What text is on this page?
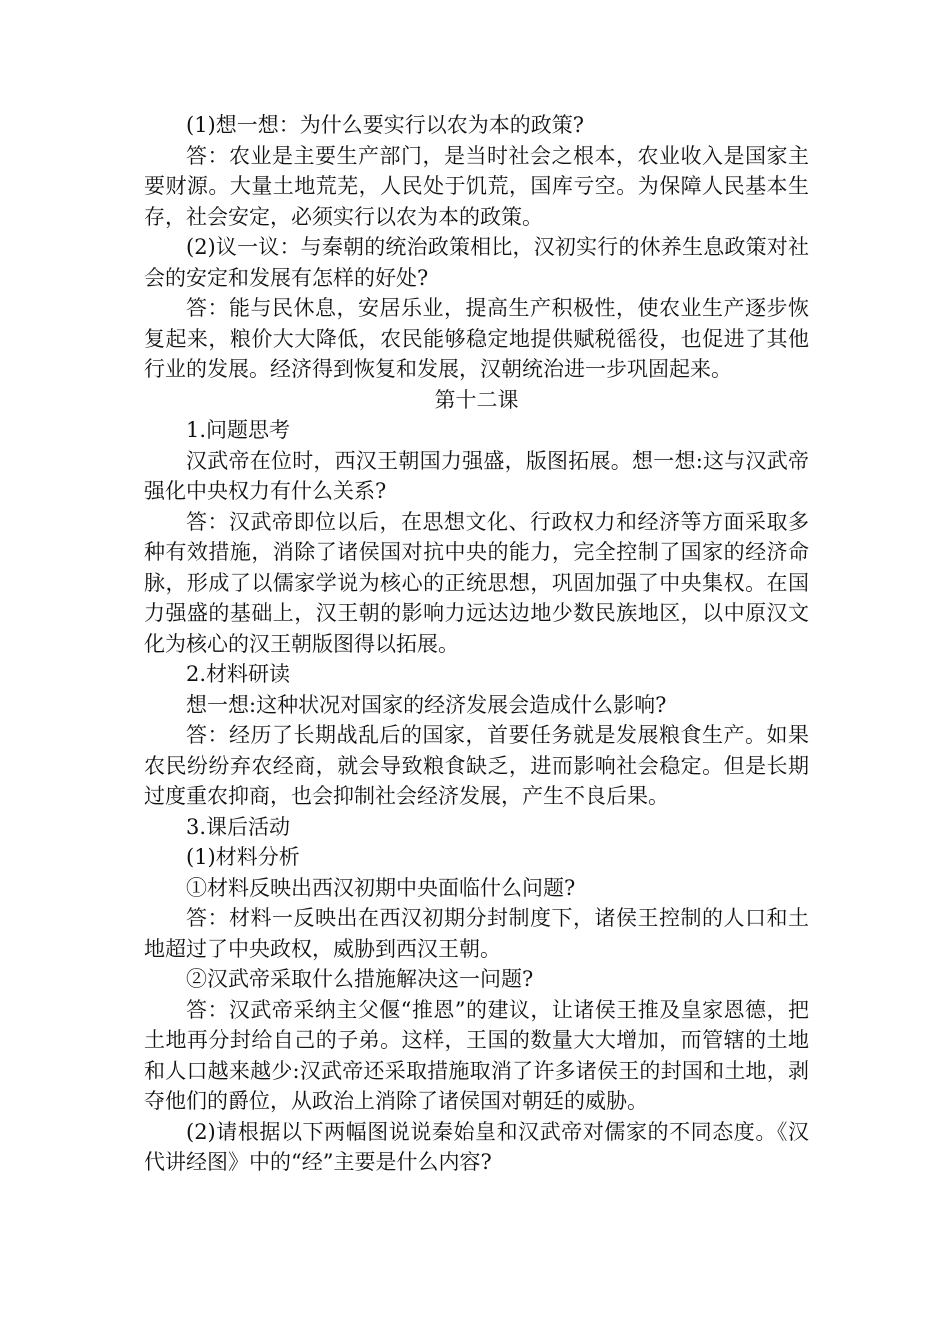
(1)想一想：为什么要实行以农为本的政策?

答：农业是主要生产部门，是当时社会之根本，农业收入是国家主要财源。大量土地荒芜，人民处于饥荒，国库亏空。为保障人民基本生存，社会安定，必须实行以农为本的政策。

(2)议一议：与秦朝的统治政策相比，汉初实行的休养生息政策对社会的安定和发展有怎样的好处?

答：能与民休息，安居乐业，提高生产积极性，使农业生产逐步恢复起来，粮价大大降低，农民能够稳定地提供赋税徭役，也促进了其他行业的发展。经济得到恢复和发展，汉朝统治进一步巩固起来。

第十二课

1.问题思考

汉武帝在位时，西汉王朝国力强盛，版图拓展。想一想:这与汉武帝强化中央权力有什么关系?

答：汉武帝即位以后，在思想文化、行政权力和经济等方面采取多种有效措施，消除了诸侯国对抗中央的能力，完全控制了国家的经济命脉，形成了以儒家学说为核心的正统思想，巩固加强了中央集权。在国力强盛的基础上，汉王朝的影响力远达边地少数民族地区，以中原汉文化为核心的汉王朝版图得以拓展。

2.材料研读

想一想:这种状况对国家的经济发展会造成什么影响?

答：经历了长期战乱后的国家，首要任务就是发展粮食生产。如果农民纷纷弃农经商，就会导致粮食缺乏，进而影响社会稳定。但是长期过度重农抑商，也会抑制社会经济发展，产生不良后果。

3.课后活动

(1)材料分析

①材料反映出西汉初期中央面临什么问题?

答：材料一反映出在西汉初期分封制度下，诸侯王控制的人口和土地超过了中央政权，威胁到西汉王朝。

②汉武帝采取什么措施解决这一问题?

答：汉武帝采纳主父偃“推恩”的建议，让诸侯王推及皇家恩德，把土地再分封给自己的子弟。这样，王国的数量大大增加，而管辖的土地和人口越来越少:汉武帝还采取措施取消了许多诸侯王的封国和土地，剥夺他们的爵位，从政治上消除了诸侯国对朝廷的威胁。

(2)请根据以下两幅图说说秦始皇和汉武帝对儒家的不同态度。《汉代讲经图》中的“经”主要是什么内容?
